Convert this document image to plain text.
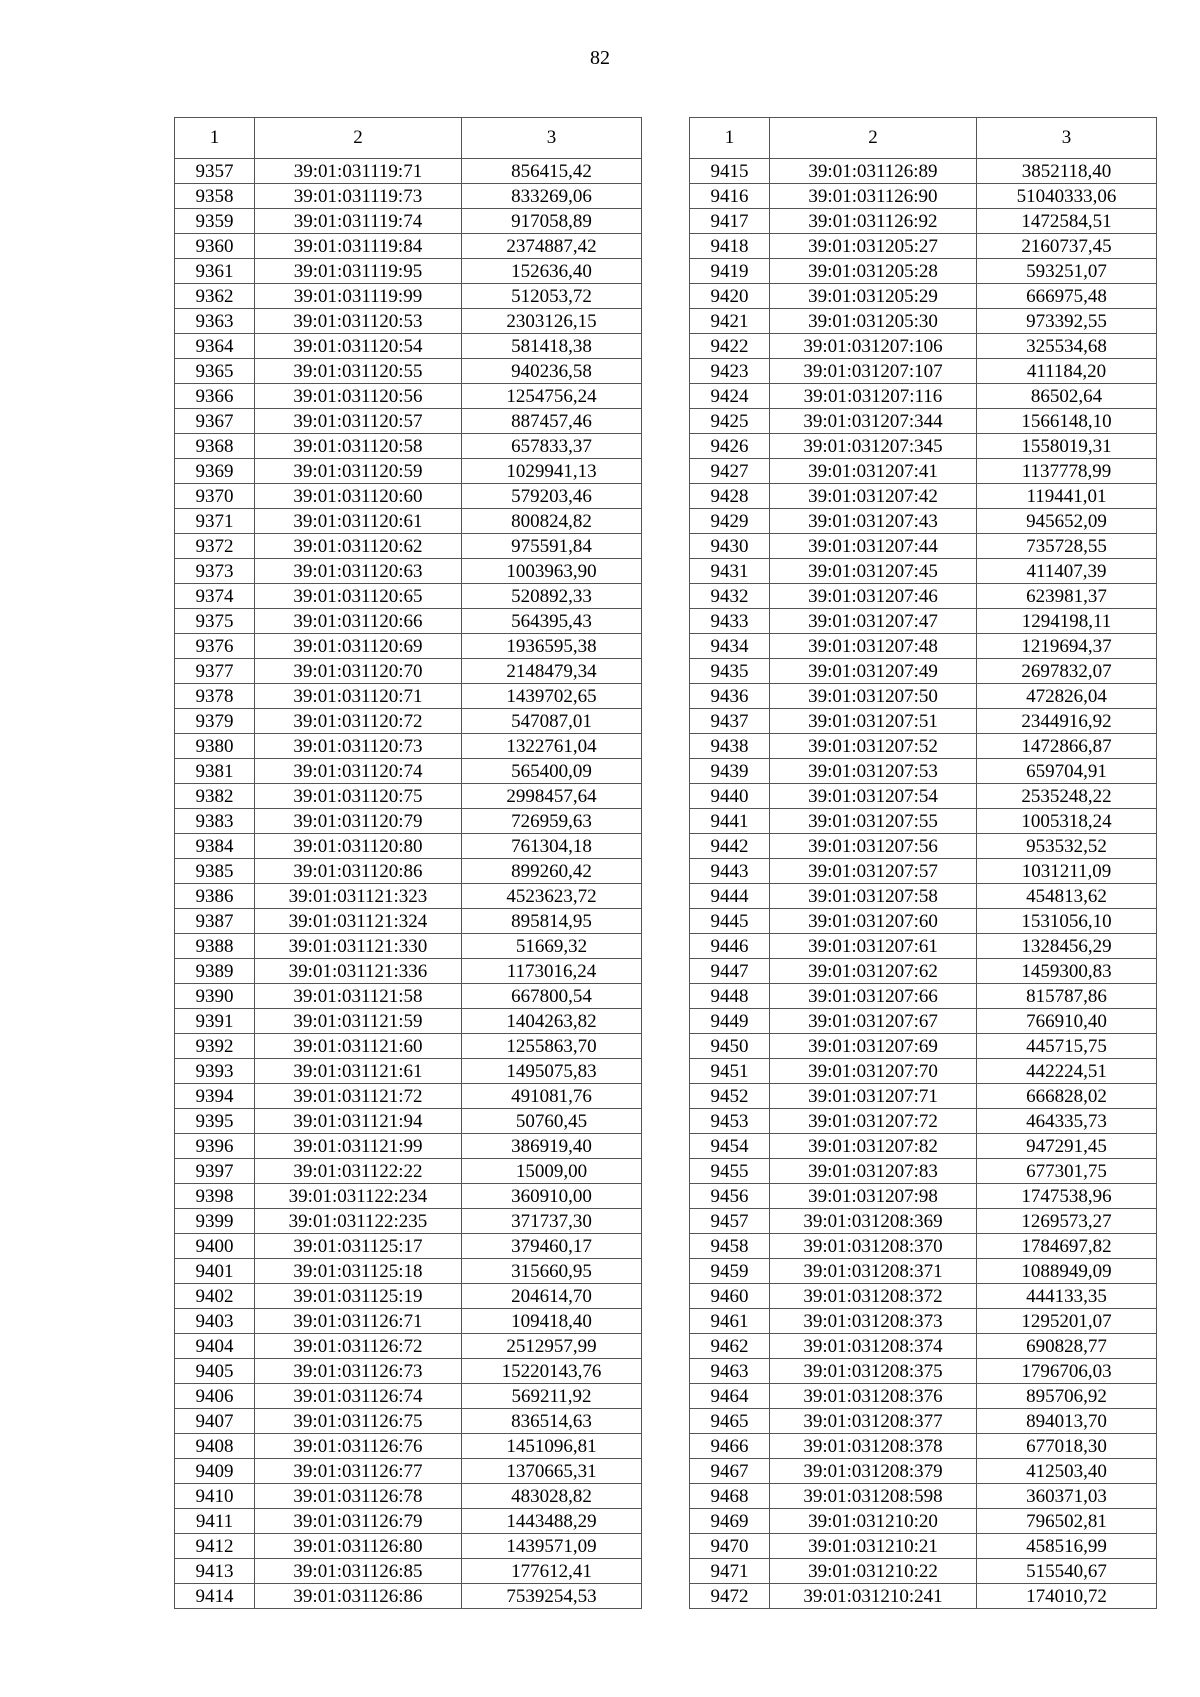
82
1	2	3
9357	39:01:031119:71	856415,42
9358	39:01:031119:73	833269,06
9359	39:01:031119:74	917058,89
9360	39:01:031119:84	2374887,42
9361	39:01:031119:95	152636,40
9362	39:01:031119:99	512053,72
9363	39:01:031120:53	2303126,15
9364	39:01:031120:54	581418,38
9365	39:01:031120:55	940236,58
9366	39:01:031120:56	1254756,24
9367	39:01:031120:57	887457,46
9368	39:01:031120:58	657833,37
9369	39:01:031120:59	1029941,13
9370	39:01:031120:60	579203,46
9371	39:01:031120:61	800824,82
9372	39:01:031120:62	975591,84
9373	39:01:031120:63	1003963,90
9374	39:01:031120:65	520892,33
9375	39:01:031120:66	564395,43
9376	39:01:031120:69	1936595,38
9377	39:01:031120:70	2148479,34
9378	39:01:031120:71	1439702,65
9379	39:01:031120:72	547087,01
9380	39:01:031120:73	1322761,04
9381	39:01:031120:74	565400,09
9382	39:01:031120:75	2998457,64
9383	39:01:031120:79	726959,63
9384	39:01:031120:80	761304,18
9385	39:01:031120:86	899260,42
9386	39:01:031121:323	4523623,72
9387	39:01:031121:324	895814,95
9388	39:01:031121:330	51669,32
9389	39:01:031121:336	1173016,24
9390	39:01:031121:58	667800,54
9391	39:01:031121:59	1404263,82
9392	39:01:031121:60	1255863,70
9393	39:01:031121:61	1495075,83
9394	39:01:031121:72	491081,76
9395	39:01:031121:94	50760,45
9396	39:01:031121:99	386919,40
9397	39:01:031122:22	15009,00
9398	39:01:031122:234	360910,00
9399	39:01:031122:235	371737,30
9400	39:01:031125:17	379460,17
9401	39:01:031125:18	315660,95
9402	39:01:031125:19	204614,70
9403	39:01:031126:71	109418,40
9404	39:01:031126:72	2512957,99
9405	39:01:031126:73	15220143,76
9406	39:01:031126:74	569211,92
9407	39:01:031126:75	836514,63
9408	39:01:031126:76	1451096,81
9409	39:01:031126:77	1370665,31
9410	39:01:031126:78	483028,82
9411	39:01:031126:79	1443488,29
9412	39:01:031126:80	1439571,09
9413	39:01:031126:85	177612,41
9414	39:01:031126:86	7539254,53
1	2	3
9415	39:01:031126:89	3852118,40
9416	39:01:031126:90	51040333,06
9417	39:01:031126:92	1472584,51
9418	39:01:031205:27	2160737,45
9419	39:01:031205:28	593251,07
9420	39:01:031205:29	666975,48
9421	39:01:031205:30	973392,55
9422	39:01:031207:106	325534,68
9423	39:01:031207:107	411184,20
9424	39:01:031207:116	86502,64
9425	39:01:031207:344	1566148,10
9426	39:01:031207:345	1558019,31
9427	39:01:031207:41	1137778,99
9428	39:01:031207:42	119441,01
9429	39:01:031207:43	945652,09
9430	39:01:031207:44	735728,55
9431	39:01:031207:45	411407,39
9432	39:01:031207:46	623981,37
9433	39:01:031207:47	1294198,11
9434	39:01:031207:48	1219694,37
9435	39:01:031207:49	2697832,07
9436	39:01:031207:50	472826,04
9437	39:01:031207:51	2344916,92
9438	39:01:031207:52	1472866,87
9439	39:01:031207:53	659704,91
9440	39:01:031207:54	2535248,22
9441	39:01:031207:55	1005318,24
9442	39:01:031207:56	953532,52
9443	39:01:031207:57	1031211,09
9444	39:01:031207:58	454813,62
9445	39:01:031207:60	1531056,10
9446	39:01:031207:61	1328456,29
9447	39:01:031207:62	1459300,83
9448	39:01:031207:66	815787,86
9449	39:01:031207:67	766910,40
9450	39:01:031207:69	445715,75
9451	39:01:031207:70	442224,51
9452	39:01:031207:71	666828,02
9453	39:01:031207:72	464335,73
9454	39:01:031207:82	947291,45
9455	39:01:031207:83	677301,75
9456	39:01:031207:98	1747538,96
9457	39:01:031208:369	1269573,27
9458	39:01:031208:370	1784697,82
9459	39:01:031208:371	1088949,09
9460	39:01:031208:372	444133,35
9461	39:01:031208:373	1295201,07
9462	39:01:031208:374	690828,77
9463	39:01:031208:375	1796706,03
9464	39:01:031208:376	895706,92
9465	39:01:031208:377	894013,70
9466	39:01:031208:378	677018,30
9467	39:01:031208:379	412503,40
9468	39:01:031208:598	360371,03
9469	39:01:031210:20	796502,81
9470	39:01:031210:21	458516,99
9471	39:01:031210:22	515540,67
9472	39:01:031210:241	174010,72
